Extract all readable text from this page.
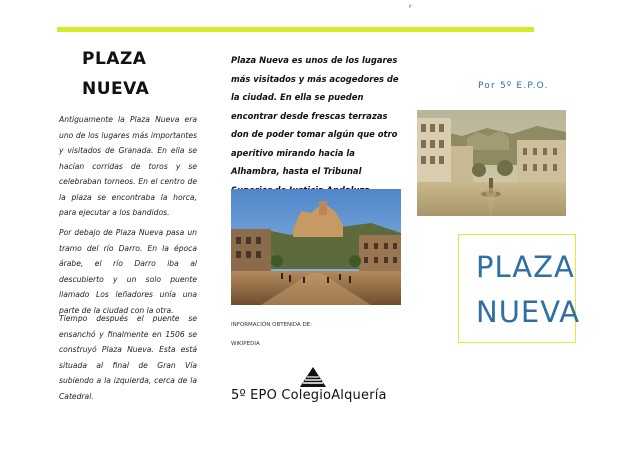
p
PLAZA
NUEVA
Antiguamente la Plaza Nueva era uno de los lugares más importantes y visitados de Granada. En ella se hacían corridas de toros y se celebraban torneos. En el centro de la plaza se encontraba la horca, para ejecutar a los bandidos.
Por debajo de Plaza Nueva pasa un tramo del río Darro. En la época árabe, el río Darro iba al descubierto y un solo puente llamado Los leñadores unía una parte de la ciudad con la otra.
Tiempo después el puente se ensanchó y finalmente en 1506 se construyó Plaza Nueva. Esta está situada al final de Gran Vía subiendo a la izquierda, cerca de la Catedral.
Plaza Nueva es unos de los lugares más visitados y más acogedores de la ciudad. En ella se pueden encontrar desde frescas terrazas don de poder tomar algún que otro aperitivo mirando hacia la Alhambra, hasta el Tribunal
INFORMACIÓN OBTENIDA DE:
WIKIPEDIA
5º EPO ColegioAlquería
Por 5º E.P.O.
PLAZA
NUEVA
